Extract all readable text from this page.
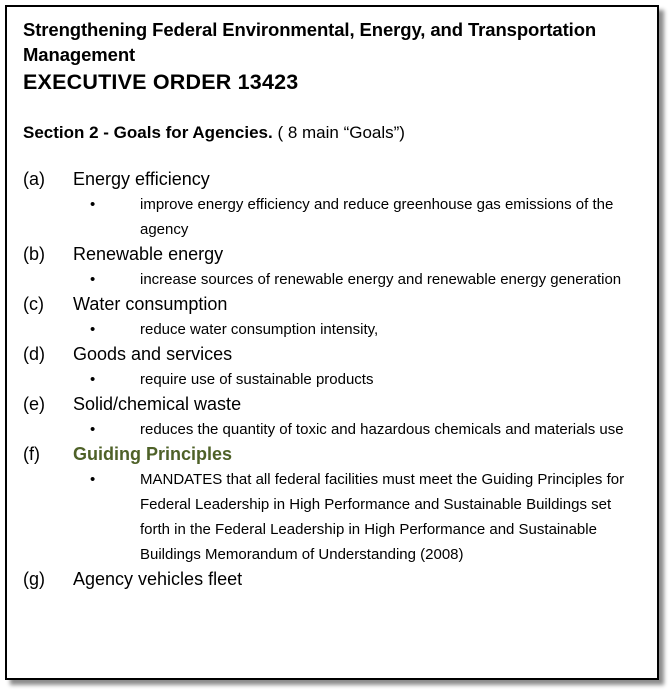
Strengthening Federal Environmental, Energy, and Transportation Management
EXECUTIVE ORDER 13423
Section 2 - Goals for Agencies. ( 8 main “Goals”)
(a) Energy efficiency
•	improve energy efficiency and reduce greenhouse gas emissions of the agency
(b) Renewable energy
•	increase sources of renewable energy and renewable energy generation
(c) Water consumption
•	reduce water consumption intensity,
(d) Goods and services
•	require use of sustainable products
(e) Solid/chemical waste
•	reduces the quantity of toxic and hazardous chemicals and materials use
(f) Guiding Principles
•	MANDATES that all federal facilities must meet the Guiding Principles for Federal Leadership in High Performance and Sustainable Buildings set forth in the Federal Leadership in High Performance and Sustainable Buildings Memorandum of Understanding (2008)
(g) Agency vehicles fleet
